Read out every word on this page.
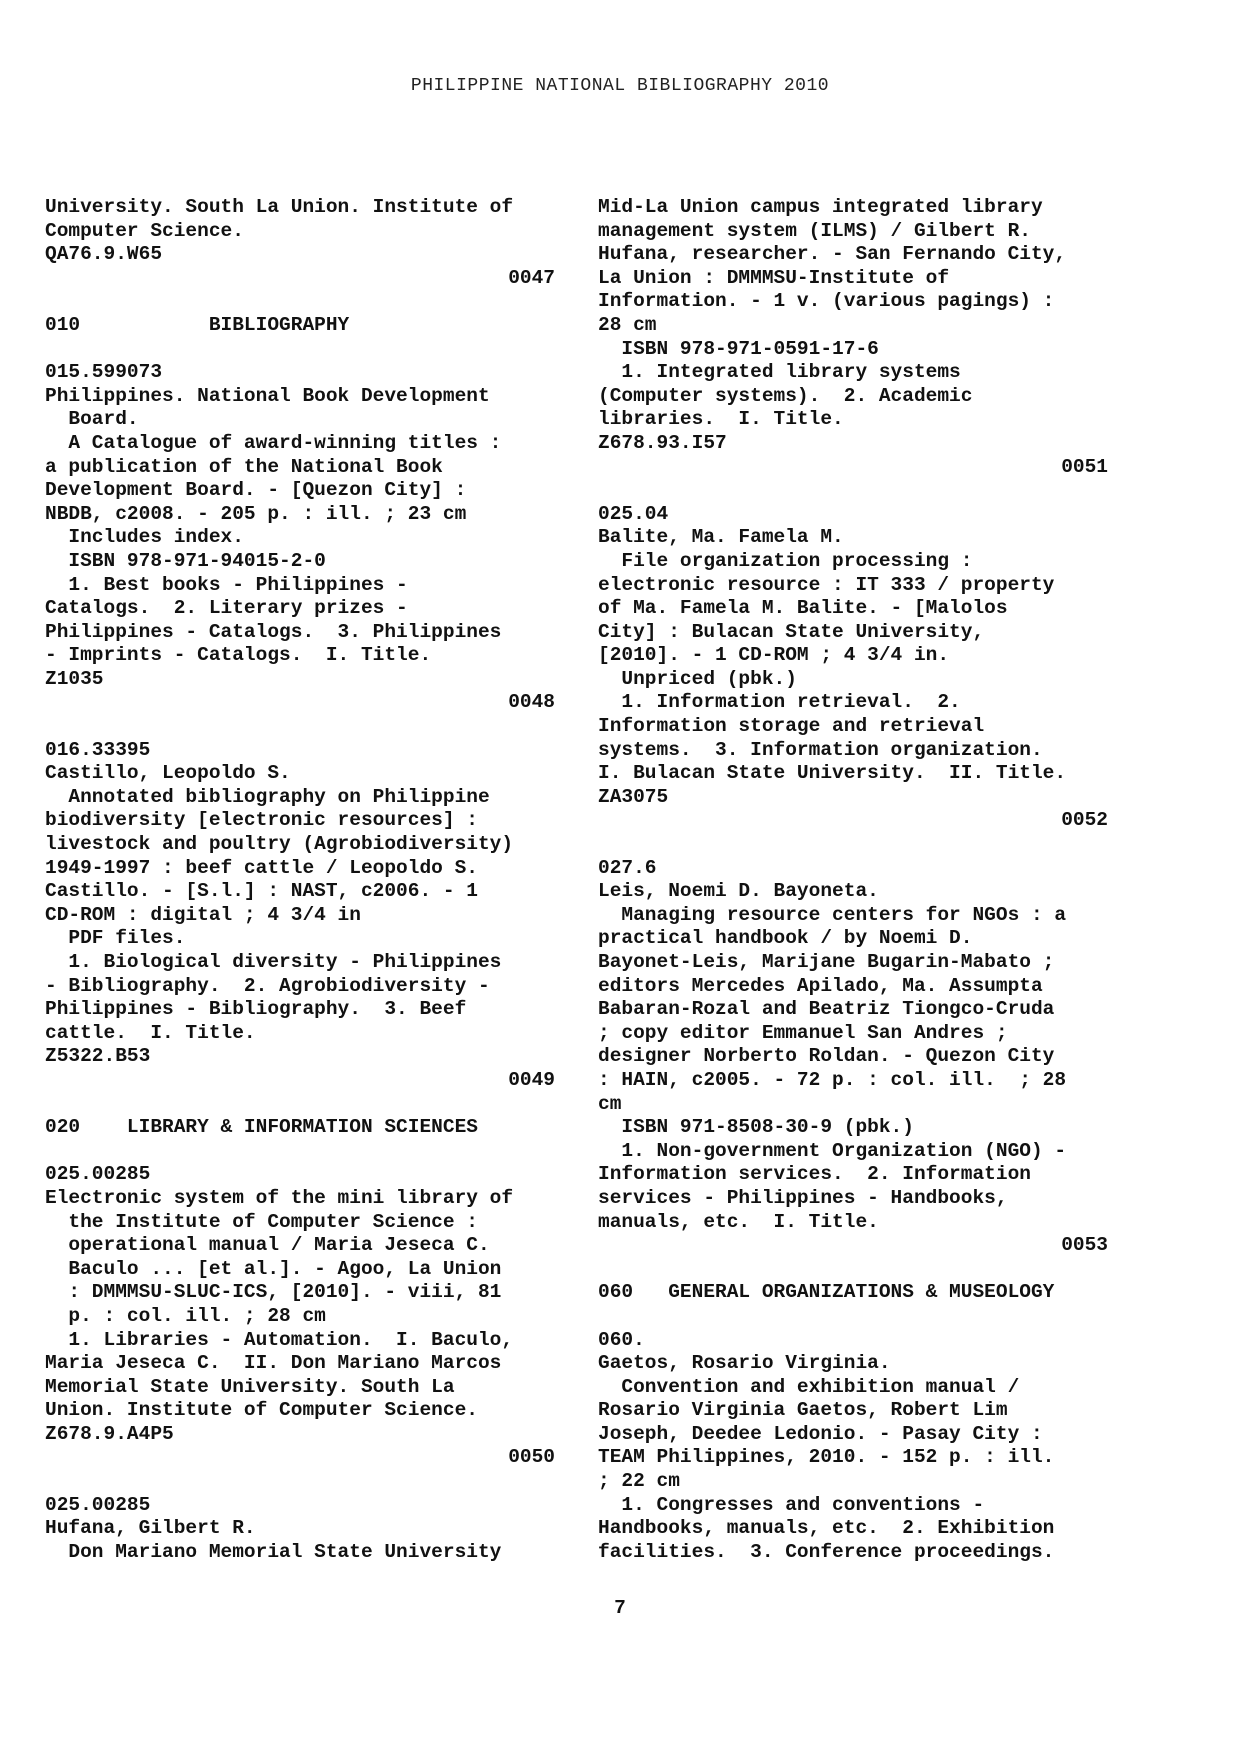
PHILIPPINE NATIONAL BIBLIOGRAPHY 2010
University. South La Union. Institute of
Computer Science.
QA76.9.W65
0047
010           BIBLIOGRAPHY
015.599073
Philippines. National Book Development
Board.
A Catalogue of award-winning titles :
a publication of the National Book
Development Board. - [Quezon City] :
NBDB, c2008. - 205 p. : ill. ; 23 cm
Includes index.
ISBN 978-971-94015-2-0
1. Best books - Philippines -
Catalogs.  2. Literary prizes -
Philippines - Catalogs.  3. Philippines
- Imprints - Catalogs.  I. Title.
Z1035
0048
016.33395
Castillo, Leopoldo S.
Annotated bibliography on Philippine
biodiversity [electronic resources] :
livestock and poultry (Agrobiodiversity)
1949-1997 : beef cattle / Leopoldo S.
Castillo. - [S.l.] : NAST, c2006. - 1
CD-ROM : digital ; 4 3/4 in
PDF files.
1. Biological diversity - Philippines
- Bibliography.  2. Agrobiodiversity -
Philippines - Bibliography.  3. Beef
cattle.  I. Title.
Z5322.B53
0049
020    LIBRARY & INFORMATION SCIENCES
025.00285
Electronic system of the mini library of
the Institute of Computer Science :
operational manual / Maria Jeseca C.
Baculo ... [et al.]. - Agoo, La Union
: DMMMSU-SLUC-ICS, [2010]. - viii, 81
p. : col. ill. ; 28 cm
1. Libraries - Automation.  I. Baculo,
Maria Jeseca C.  II. Don Mariano Marcos
Memorial State University. South La
Union. Institute of Computer Science.
Z678.9.A4P5
0050
025.00285
Hufana, Gilbert R.
Don Mariano Memorial State University
Mid-La Union campus integrated library
management system (ILMS) / Gilbert R.
Hufana, researcher. - San Fernando City,
La Union : DMMMSU-Institute of
Information. - 1 v. (various pagings) :
28 cm
ISBN 978-971-0591-17-6
1. Integrated library systems
(Computer systems).  2. Academic
libraries.  I. Title.
Z678.93.I57
0051
025.04
Balite, Ma. Famela M.
File organization processing :
electronic resource : IT 333 / property
of Ma. Famela M. Balite. - [Malolos
City] : Bulacan State University,
[2010]. - 1 CD-ROM ; 4 3/4 in.
Unpriced (pbk.)
1. Information retrieval.  2.
Information storage and retrieval
systems.  3. Information organization.
I. Bulacan State University.  II. Title.
ZA3075
0052
027.6
Leis, Noemi D. Bayoneta.
Managing resource centers for NGOs : a
practical handbook / by Noemi D.
Bayonet-Leis, Marijane Bugarin-Mabato ;
editors Mercedes Apilado, Ma. Assumpta
Babaran-Rozal and Beatriz Tiongco-Cruda
; copy editor Emmanuel San Andres ;
designer Norberto Roldan. - Quezon City
: HAIN, c2005. - 72 p. : col. ill.  ; 28
cm
ISBN 971-8508-30-9 (pbk.)
1. Non-government Organization (NGO) -
Information services.  2. Information
services - Philippines - Handbooks,
manuals, etc.  I. Title.
0053
060   GENERAL ORGANIZATIONS & MUSEOLOGY
060.
Gaetos, Rosario Virginia.
Convention and exhibition manual /
Rosario Virginia Gaetos, Robert Lim
Joseph, Deedee Ledonio. - Pasay City :
TEAM Philippines, 2010. - 152 p. : ill.
; 22 cm
1. Congresses and conventions -
Handbooks, manuals, etc.  2. Exhibition
facilities.  3. Conference proceedings.
7
